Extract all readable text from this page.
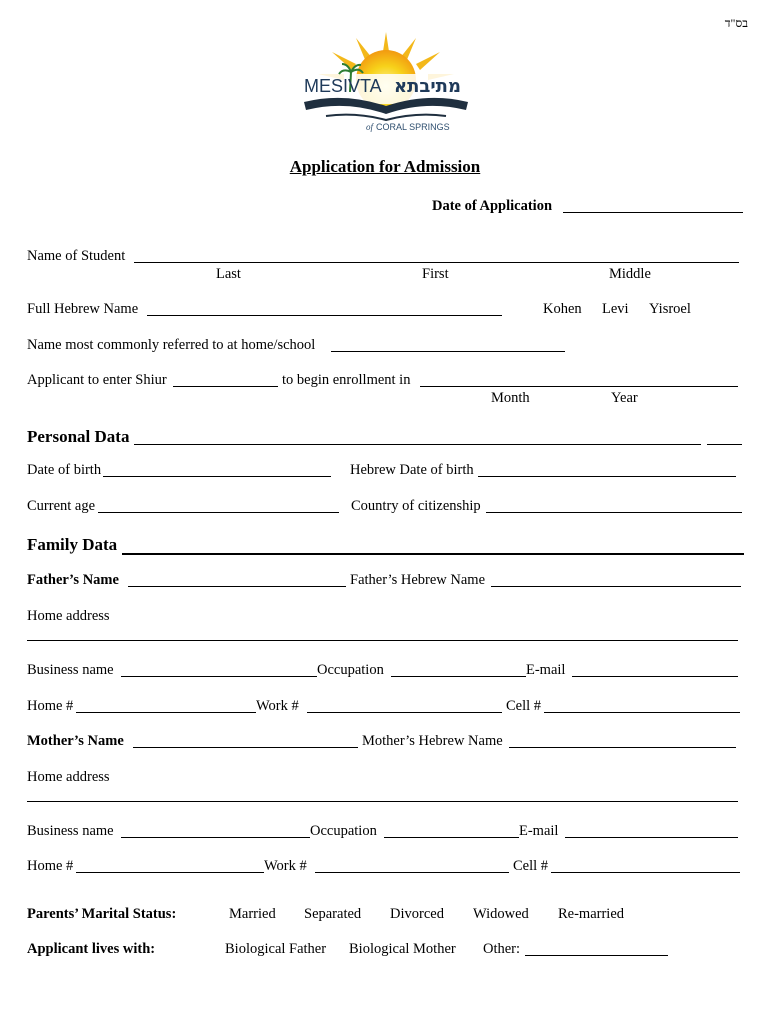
בס"ד
MESIVTA מתיבתא
of CORAL SPRINGS
Application for Admission
Date of Application
Name of Student
Last	First	Middle
Full Hebrew Name	Kohen Levi Yisroel
Name most commonly referred to at home/school
Applicant to enter Shiur	to begin enrollment in
Month	Year
Personal Data
Date of birth	Hebrew Date of birth
Current age	Country of citizenship
Family Data
Father’s Name	Father’s Hebrew Name
Home address
Business name	Occupation	E-mail
Home #	Work #	Cell #
Mother’s Name	Mother’s Hebrew Name
Home address
Business name	Occupation	E-mail
Home #	Work #	Cell #
Parents’ Marital Status:	Married Separated Divorced Widowed Re-married
Applicant lives with:	Biological Father Biological Mother Other:
